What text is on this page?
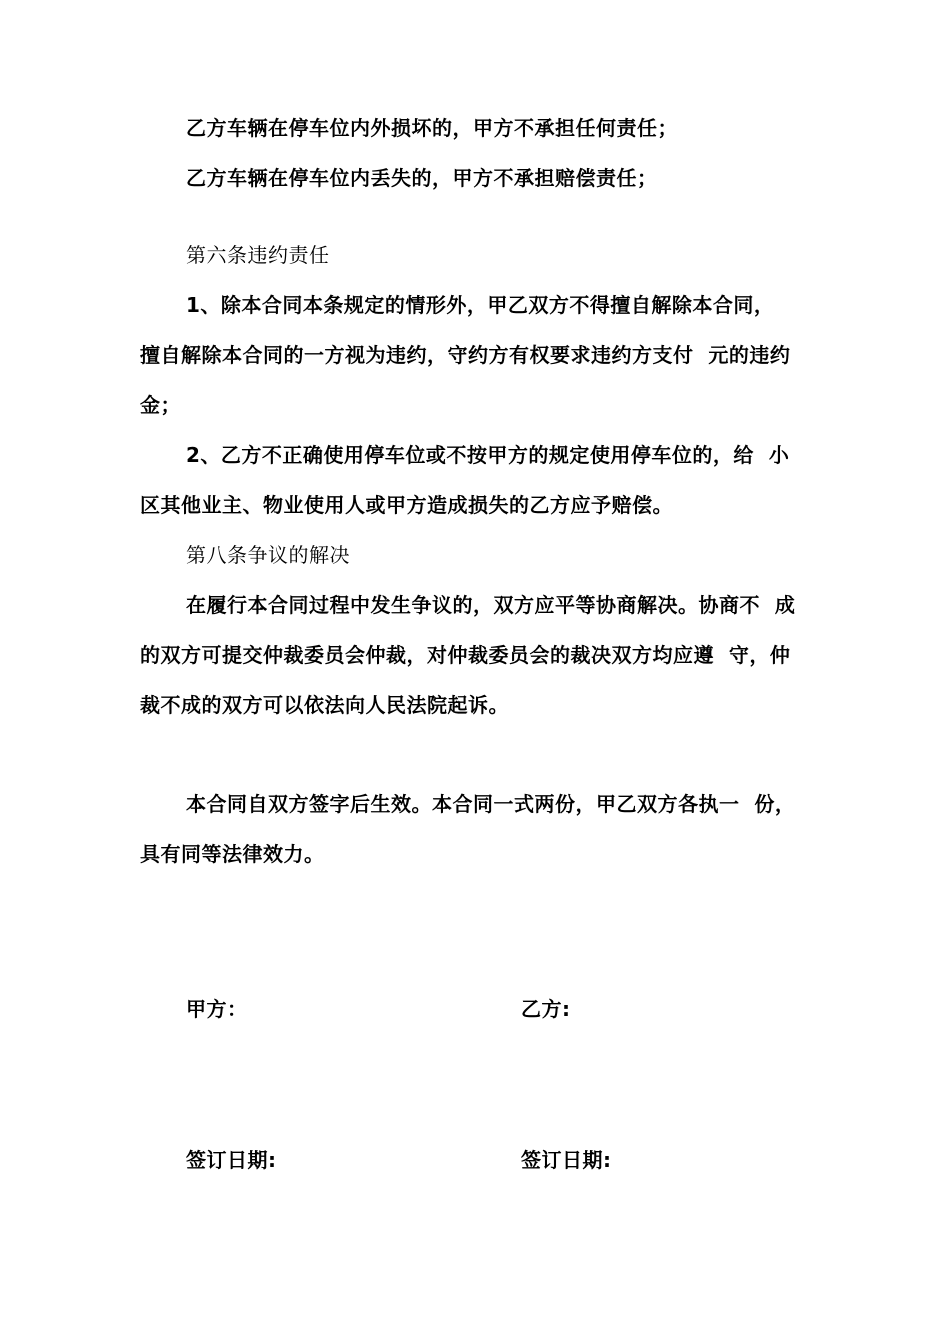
乙方车辆在停车位内外损坏的，甲方不承担任何责任；
乙方车辆在停车位内丢失的，甲方不承担赔偿责任；
第六条违约责任
1、除本合同本条规定的情形外，甲乙双方不得擅自解除本合同，
擅自解除本合同的一方视为违约，守约方有权要求违约方支付  元的违约
金；
2、乙方不正确使用停车位或不按甲方的规定使用停车位的，给  小
区其他业主、物业使用人或甲方造成损失的乙方应予赔偿。
第八条争议的解决
在履行本合同过程中发生争议的，双方应平等协商解决。协商不  成
的双方可提交仲裁委员会仲裁，对仲裁委员会的裁决双方均应遵  守，仲
裁不成的双方可以依法向人民法院起诉。
本合同自双方签字后生效。本合同一式两份，甲乙双方各执一  份，
具有同等法律效力。
甲方：	乙方:
签订日期:	签订日期:
